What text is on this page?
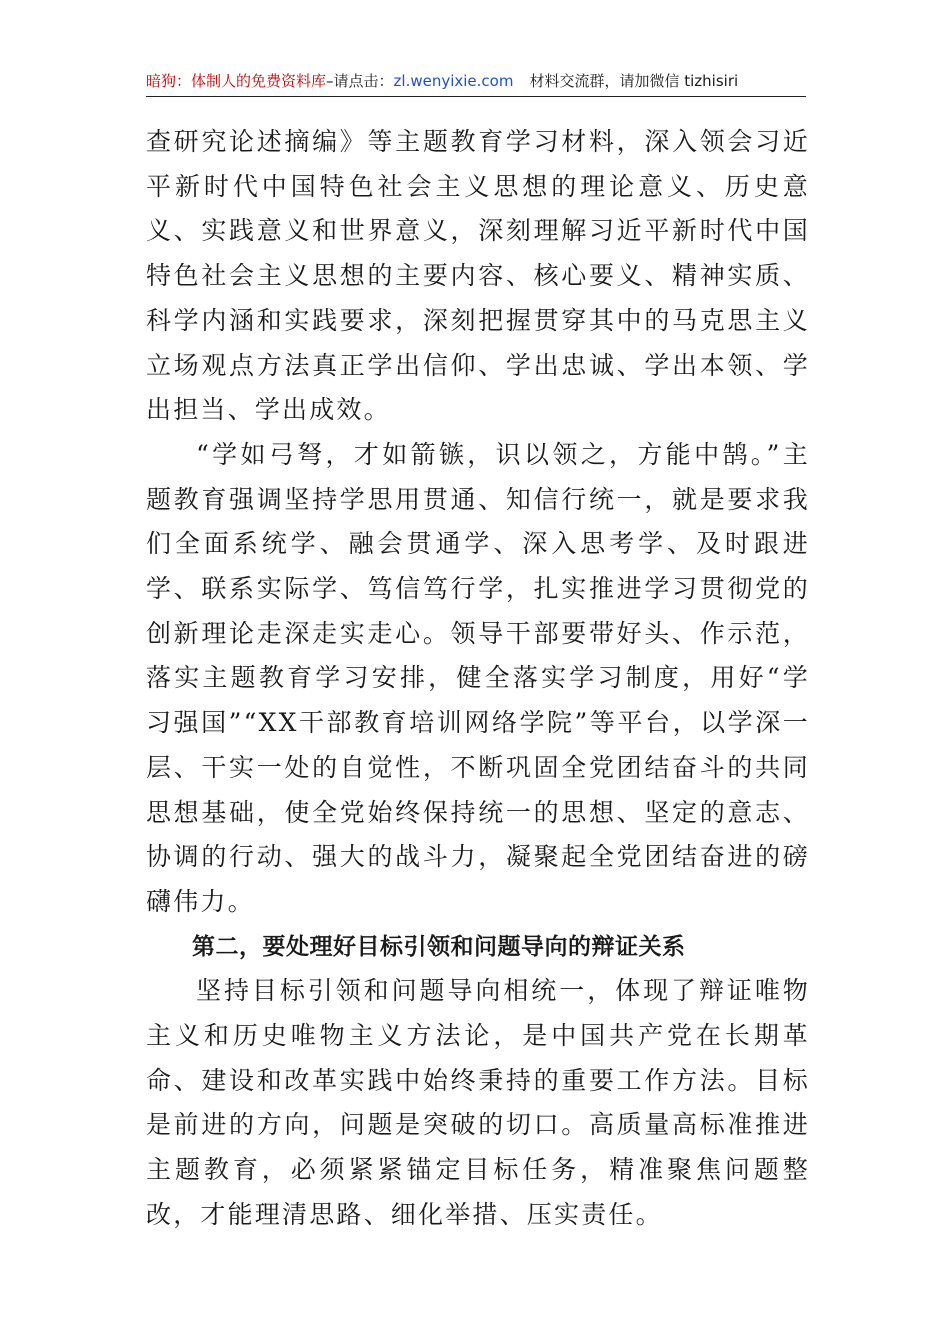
暗狗：体制人的免费资料库–请点击：zl.wenyixie.com 材料交流群，请加微信 tizhisiri

查研究论述摘编》等主题教育学习材料，深入领会习近平新时代中国特色社会主义思想的理论意义、历史意义、实践意义和世界意义，深刻理解习近平新时代中国特色社会主义思想的主要内容、核心要义、精神实质、科学内涵和实践要求，深刻把握贯穿其中的马克思主义立场观点方法真正学出信仰、学出忠诚、学出本领、学出担当、学出成效。

“学如弓弩，才如箭镞，识以领之，方能中鹄。”主题教育强调坚持学思用贯通、知信行统一，就是要求我们全面系统学、融会贯通学、深入思考学、及时跟进学、联系实际学、笃信笃行学，扎实推进学习贯彻党的创新理论走深走实走心。领导干部要带好头、作示范，落实主题教育学习安排，健全落实学习制度，用好“学习强国”“XX干部教育培训网络学院”等平台，以学深一层、干实一处的自觉性，不断巩固全党团结奋斗的共同思想基础，使全党始终保持统一的思想、坚定的意志、协调的行动、强大的战斗力，凝聚起全党团结奋进的磅礴伟力。

第二，要处理好目标引领和问题导向的辩证关系

坚持目标引领和问题导向相统一，体现了辩证唯物主义和历史唯物主义方法论，是中国共产党在长期革命、建设和改革实践中始终秉持的重要工作方法。目标是前进的方向，问题是突破的切口。高质量高标准推进主题教育，必须紧紧锚定目标任务，精准聚焦问题整改，才能理清思路、细化举措、压实责任。
